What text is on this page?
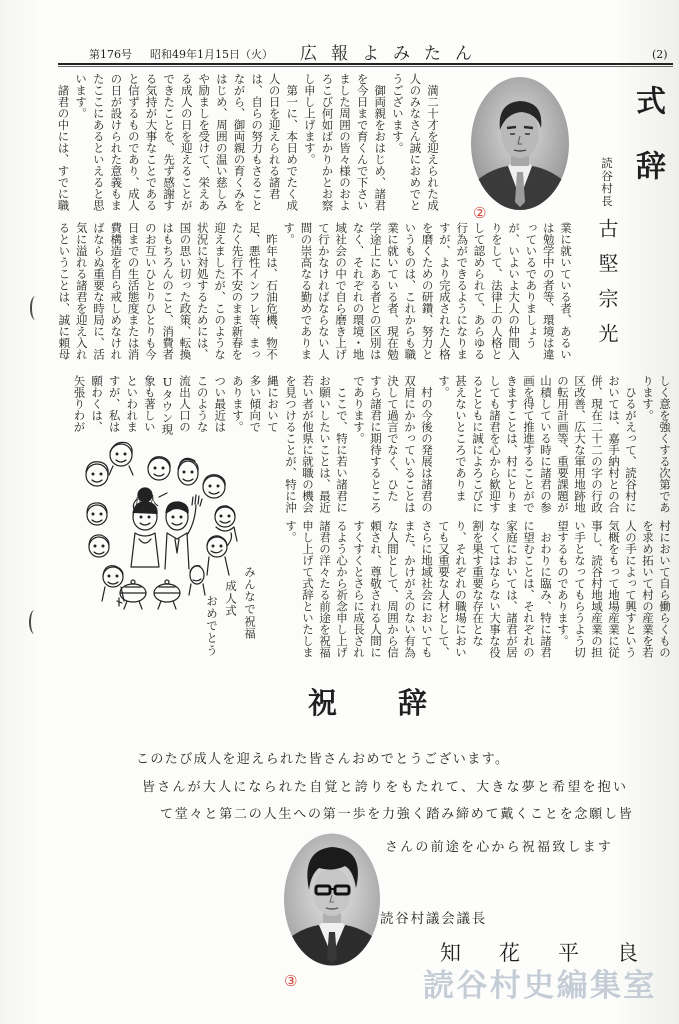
第176号 昭和49年1月15日（火） 広報よみたん	(2)
式辞
読谷村長
古堅宗光
②
　満二十才を迎えられた成
人のみなさん誠におめでと
うございます。
　御両親をおはじめ、諸君
を今日まで育くんで下さい
ました周囲の皆々様のおよ
ろこび何如ばかりかとお察
し申し上げます。
　第一に、本日めでたく成
人の日を迎えられる諸君
は、自らの努力もさること
ながら、御両親の育くみを
はじめ、周囲の温い慈しみ
や励ましを受けて、栄えあ
る成人の日を迎えることが
できたことを、先ず感謝す
る気持が大事なことである
と信ずるものであり、成人
の日が設けられた意義もま
たここにあるといえると思
います。
　諸君の中には、すでに職
業に就いている者、あるい
は勉学中の者等、環境は違
っているでありましょう
が、いよいよ大人の仲間入
りをして、法律上の人格と
して認められて、あらゆる
行為ができるようになりま
すが、より完成された人格
を磨くための研鑽、努力と
いうものは、これからも職
業に就いている者、現在勉
学途上にある者との区別は
なく、それぞれの環境・地
域社会の中で自ら磨き上げ
て行かなければならない人
間の崇高なる勤めでありま
す。
　昨年は、石油危機、物不
足、悪性インフレ等、まっ
たく先行不安のまま新春を
迎えましたが、このような
状況に対処するためには、
国の思い切った政策、転換
はもちろんのこと、消費者
のお互いひとりひとりも今
日までの生活態度または消
費構造を自ら戒しめなけれ
ばならぬ重要な時局に、活
気に溢れる諸君を迎え入れ
るということは、誠に頼母
しく意を強くする次第であ
ります。
　ひるがえって、読谷村に
おいては、嘉手納村との合
併、現在二十二の字の行政
区改善、広大な軍用地跡地
の転用計画等、重要課題が
山積している時に諸君の参
画を得て推進することがで
きますことは、村にとりま
しても諸君を心から歓迎す
るとともに誠によろこびに
甚えないところでありま
す。
　村の今後の発展は諸君の
双肩にかかっていることは
決して過言でなく、ひた
すら諸君に期待するところ
であります。
　ここで、特に若い諸君に
お願いしたいことは、最近
若い者が他県に就職の機会
を見つけることが、特に沖
縄において
多い傾向で
あります。
つい最近は
このような
流出人口の
Uタウン現
象も著しい
といわれま
すが、私は
願わくは、
矢張りわが
村において自ら働らくもの
を求め拓いて村の産業を若
人の手によって興すという
気概をもって地場産業に従
事し、読谷村地域産業の担
い手となってもらうよう切
望するものであります。
　おわりに臨み、特に諸君
に望むことは、それぞれの
家庭においては、諸君が居
なくてはならない大事な役
割を果す重要な存在とな
り、それぞれの職場におい
ても又重要な人材として、
さらに地域社会においても
また、かけがえのない有為
な人間として、周囲から信
頼され、尊敬される人間に
すくすくとさらに成長され
るよう心から祈念申し上げ
諸君の洋々たる前途を祝福
申し上げて式辞といたしま
す。
成人
みんなで祝福
成人式
おめでとう
祝辞
このたび成人を迎えられた皆さんおめでとうございます。
皆さんが大人になられた自覚と誇りをもたれて、大きな夢と希望を抱い
て堂々と第二の人生への第一歩を力強く踏み締めて戴くことを念願し皆
さんの前途を心から祝福致します
③
読谷村議会議長
知花平良
読谷村史編集室
